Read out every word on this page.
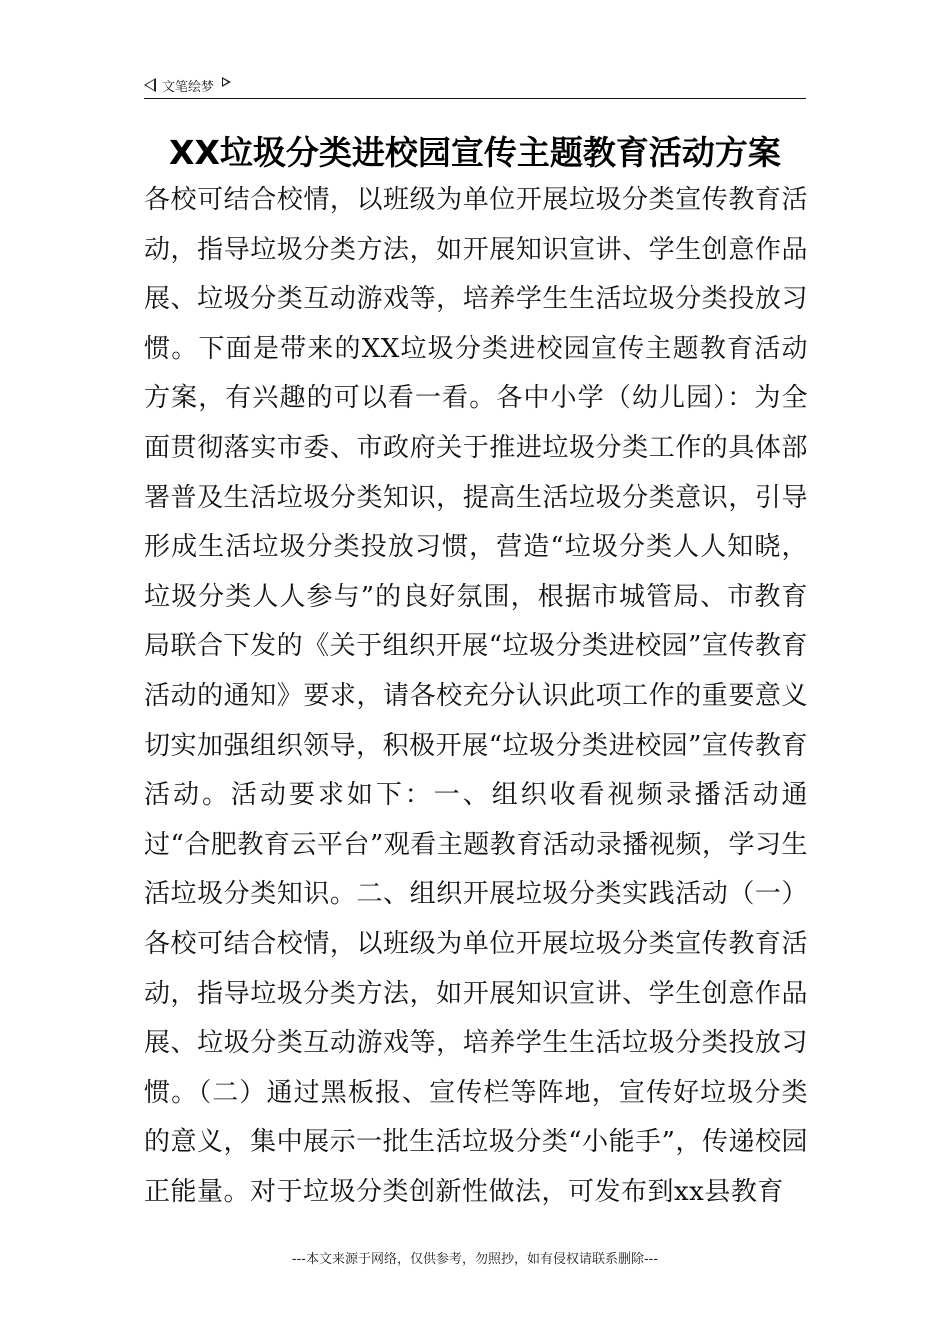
文笔绘梦
XX垃圾分类进校园宣传主题教育活动方案

各校可结合校情，以班级为单位开展垃圾分类宣传教育活动，指导垃圾分类方法，如开展知识宣讲、学生创意作品展、垃圾分类互动游戏等，培养学生生活垃圾分类投放习惯。下面是带来的XX垃圾分类进校园宣传主题教育活动方案，有兴趣的可以看一看。各中小学（幼儿园）：为全面贯彻落实市委、市政府关于推进垃圾分类工作的具体部署普及生活垃圾分类知识，提高生活垃圾分类意识，引导形成生活垃圾分类投放习惯，营造“垃圾分类人人知晓，垃圾分类人人参与”的良好氛围，根据市城管局、市教育局联合下发的《关于组织开展“垃圾分类进校园”宣传教育活动的通知》要求，请各校充分认识此项工作的重要意义切实加强组织领导，积极开展“垃圾分类进校园”宣传教育活动。活动要求如下：一、组织收看视频录播活动通过“合肥教育云平台”观看主题教育活动录播视频，学习生活垃圾分类知识。二、组织开展垃圾分类实践活动（一）各校可结合校情，以班级为单位开展垃圾分类宣传教育活动，指导垃圾分类方法，如开展知识宣讲、学生创意作品展、垃圾分类互动游戏等，培养学生生活垃圾分类投放习惯。（二）通过黑板报、宣传栏等阵地，宣传好垃圾分类的意义，集中展示一批生活垃圾分类“小能手”，传递校园正能量。对于垃圾分类创新性做法，可发布到xx县教育

---本文来源于网络，仅供参考，勿照抄，如有侵权请联系删除---
